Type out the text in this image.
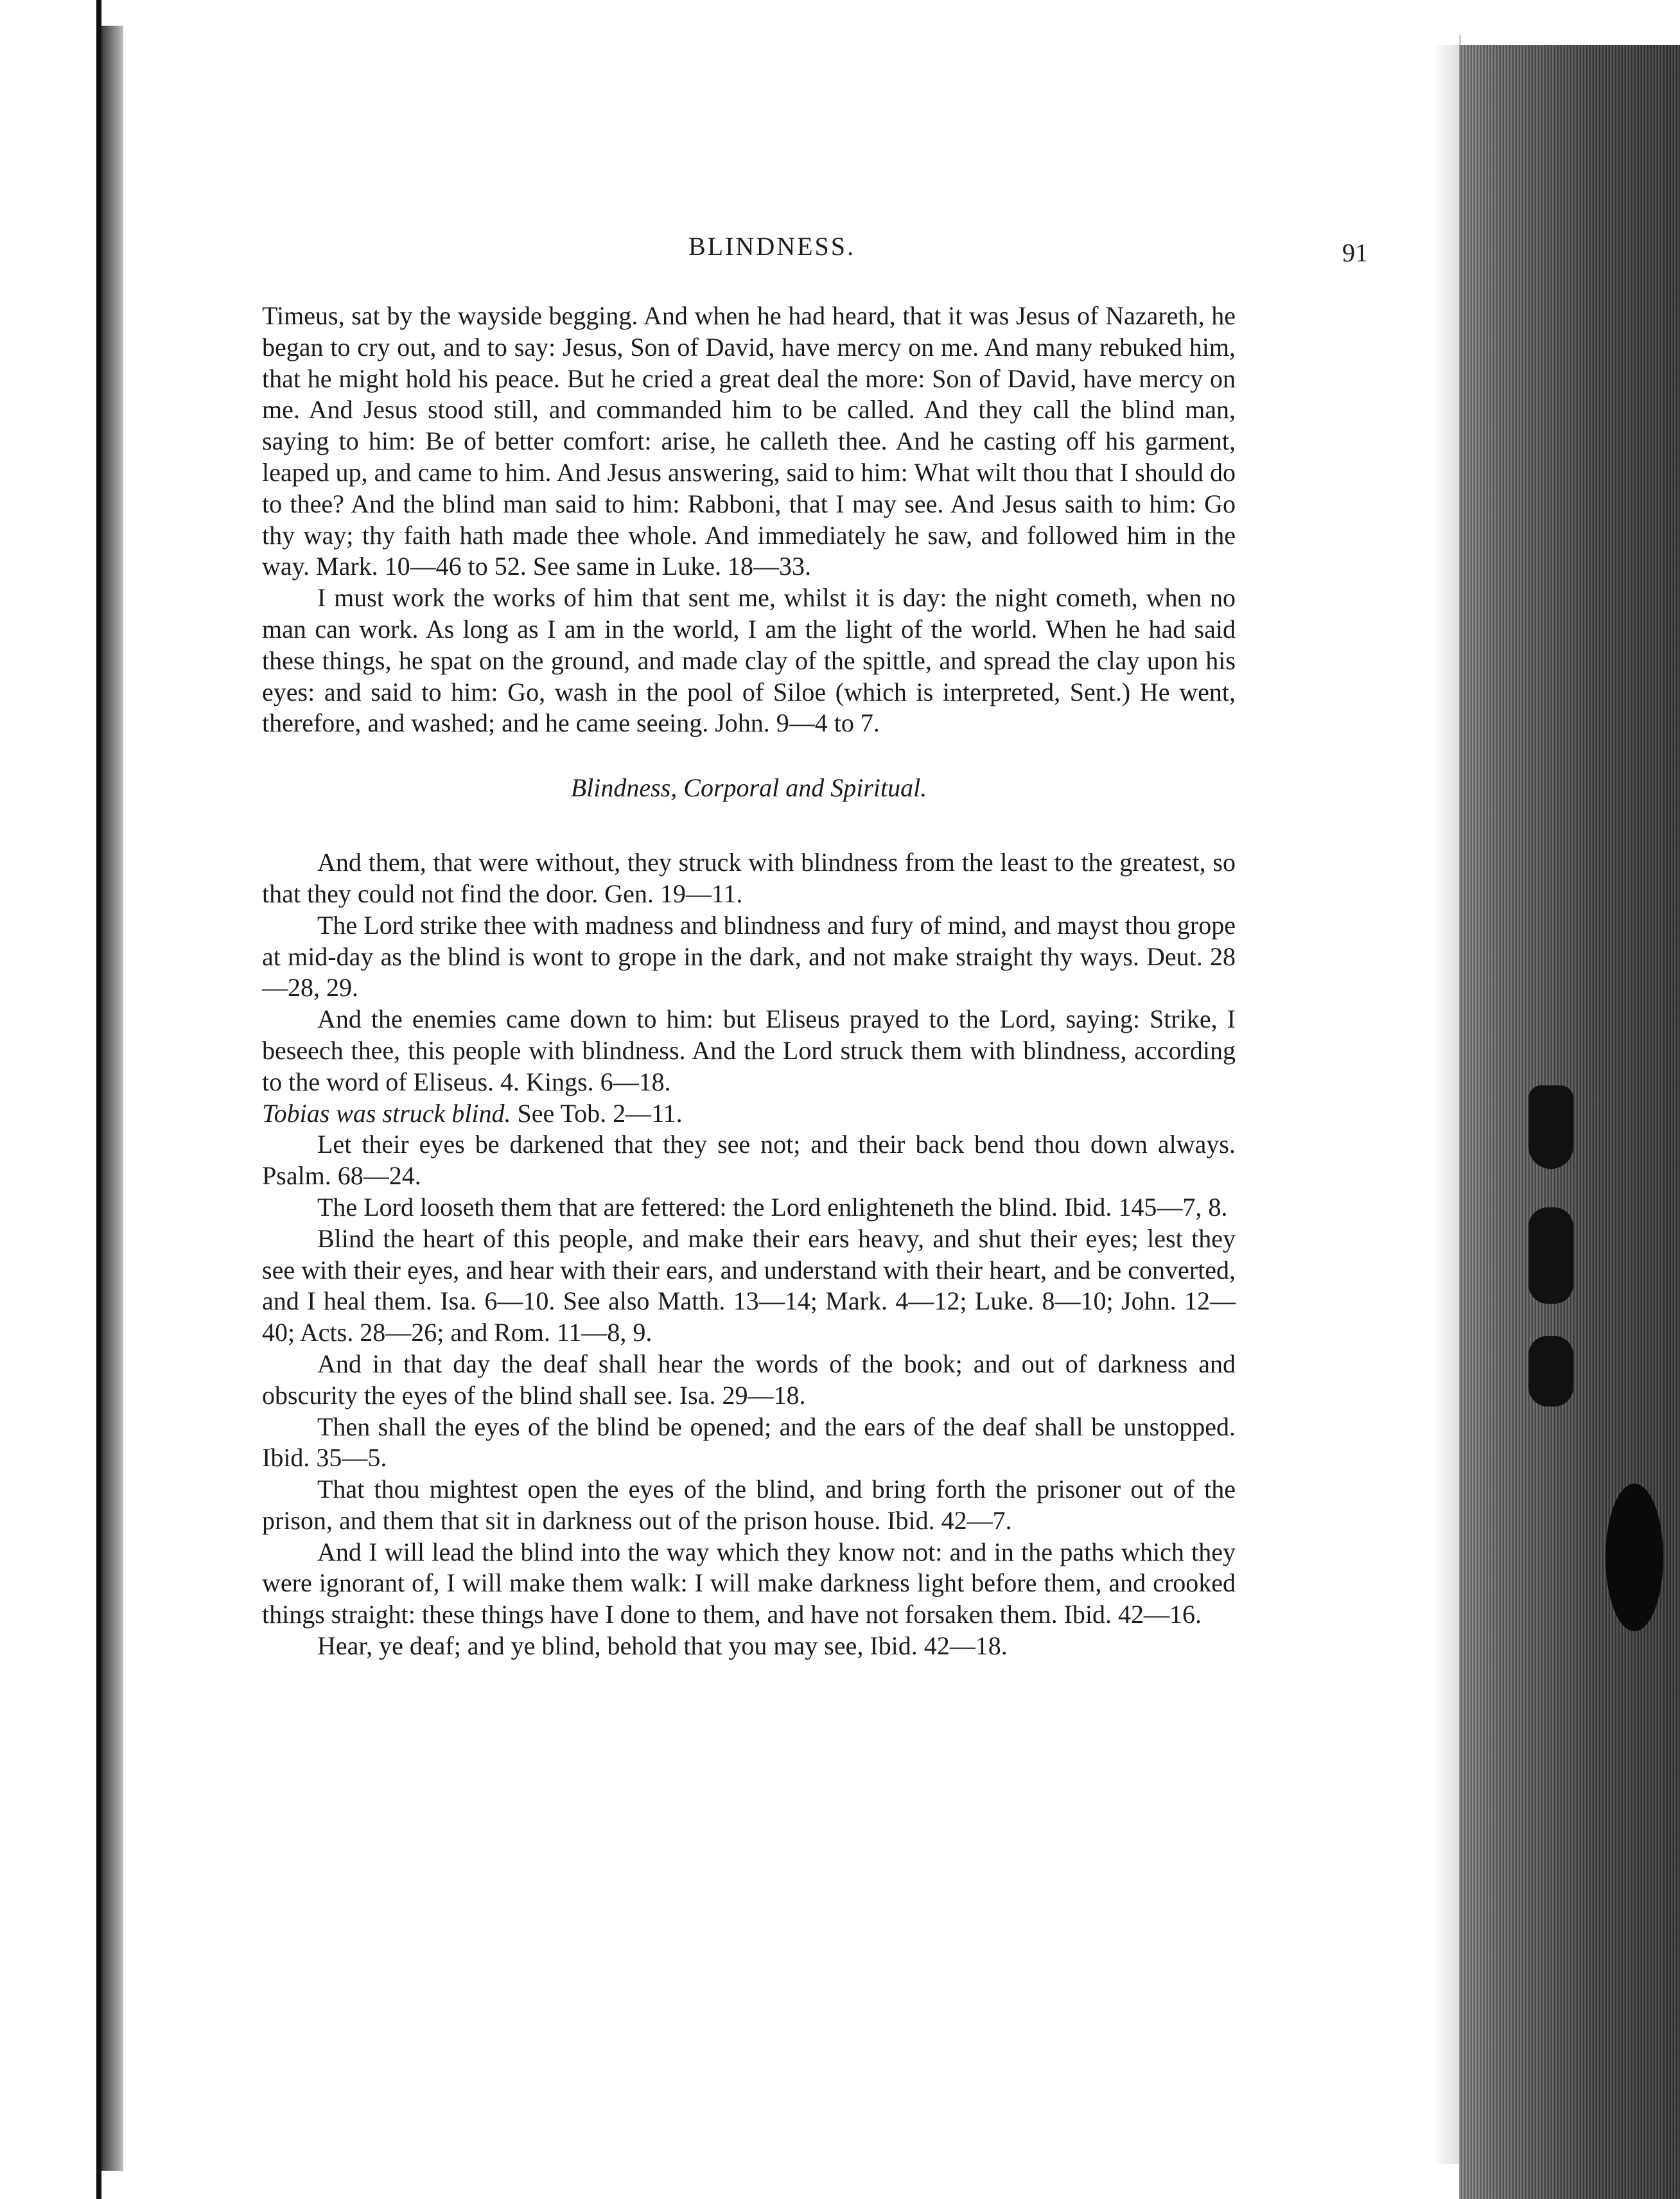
BLINDNESS.	91

Timeus, sat by the wayside begging. And when he had heard, that it was Jesus of Nazareth, he began to cry out, and to say: Jesus, Son of David, have mercy on me. And many rebuked him, that he might hold his peace. But he cried a great deal the more: Son of David, have mercy on me. And Jesus stood still, and commanded him to be called. And they call the blind man, saying to him: Be of better comfort: arise, he calleth thee. And he casting off his garment, leaped up, and came to him. And Jesus answering, said to him: What wilt thou that I should do to thee? And the blind man said to him: Rabboni, that I may see. And Jesus saith to him: Go thy way; thy faith hath made thee whole. And immediately he saw, and followed him in the way. Mark. 10—46 to 52. See same in Luke. 18—33.

I must work the works of him that sent me, whilst it is day: the night cometh, when no man can work. As long as I am in the world, I am the light of the world. When he had said these things, he spat on the ground, and made clay of the spittle, and spread the clay upon his eyes: and said to him: Go, wash in the pool of Siloe (which is interpreted, Sent.) He went, therefore, and washed; and he came seeing. John. 9—4 to 7.

Blindness, Corporal and Spiritual.

And them, that were without, they struck with blindness from the least to the greatest, so that they could not find the door. Gen. 19—11.

The Lord strike thee with madness and blindness and fury of mind, and mayst thou grope at mid-day as the blind is wont to grope in the dark, and not make straight thy ways. Deut. 28—28, 29.

And the enemies came down to him: but Eliseus prayed to the Lord, saying: Strike, I beseech thee, this people with blindness. And the Lord struck them with blindness, according to the word of Eliseus. 4. Kings. 6—18.

Tobias was struck blind. See Tob. 2—11.

Let their eyes be darkened that they see not; and their back bend thou down always. Psalm. 68—24.

The Lord looseth them that are fettered: the Lord enlighteneth the blind. Ibid. 145—7, 8.

Blind the heart of this people, and make their ears heavy, and shut their eyes; lest they see with their eyes, and hear with their ears, and understand with their heart, and be converted, and I heal them. Isa. 6—10. See also Matth. 13—14; Mark. 4—12; Luke. 8—10; John. 12—40; Acts. 28—26; and Rom. 11—8, 9.

And in that day the deaf shall hear the words of the book; and out of darkness and obscurity the eyes of the blind shall see. Isa. 29—18.

Then shall the eyes of the blind be opened; and the ears of the deaf shall be unstopped. Ibid. 35—5.

That thou mightest open the eyes of the blind, and bring forth the prisoner out of the prison, and them that sit in darkness out of the prison house. Ibid. 42—7.

And I will lead the blind into the way which they know not: and in the paths which they were ignorant of, I will make them walk: I will make darkness light before them, and crooked things straight: these things have I done to them, and have not forsaken them. Ibid. 42—16.

Hear, ye deaf; and ye blind, behold that you may see, Ibid. 42—18.
